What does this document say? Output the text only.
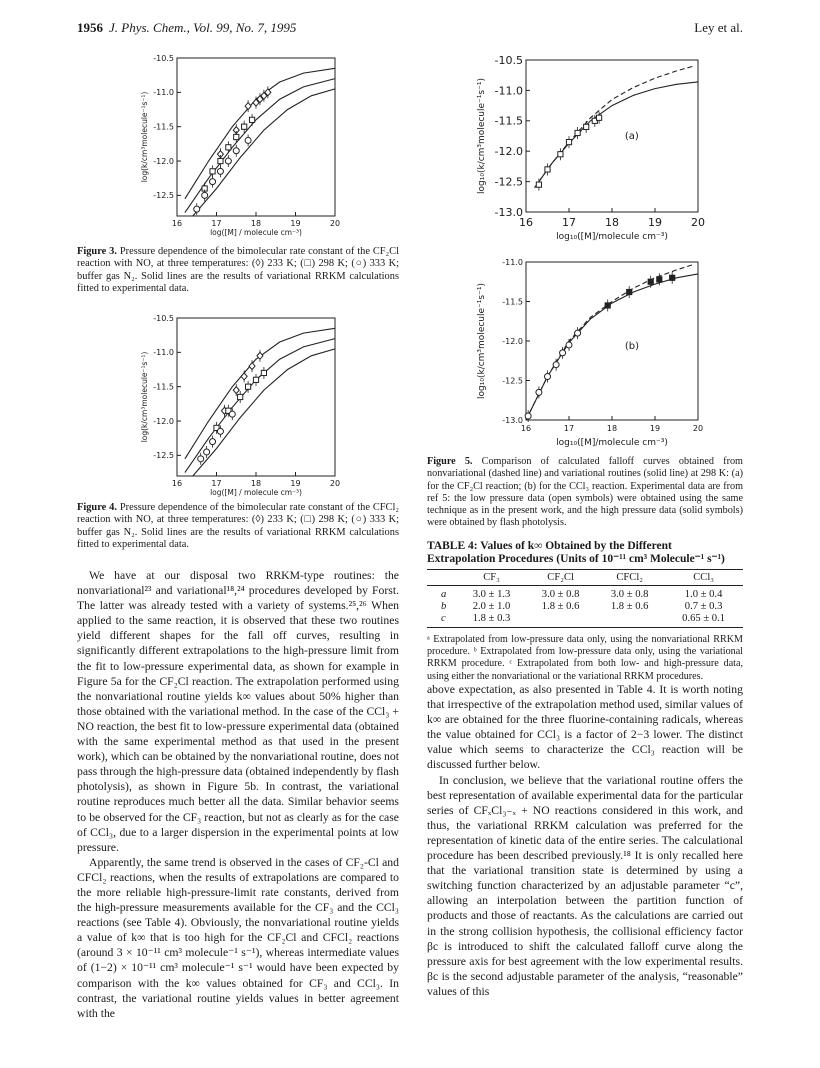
1956 J. Phys. Chem., Vol. 99, No. 7, 1995	Ley et al.
16	17	18	19	20
-10.5
-11.0
-11.5
-12.0
-12.5
log([M] / molecule cm⁻³)
log(k/cm³molecule⁻¹s⁻¹)
Figure 3. Pressure dependence of the bimolecular rate constant of the CF₂Cl reaction with NO, at three temperatures: (◊) 233 K; (□) 298 K; (○) 333 K; buffer gas N₂. Solid lines are the results of variational RRKM calculations fitted to experimental data.
16	17	18	19	20
-10.5
-11.0
-11.5
-12.0
-12.5
log([M] / molecule cm⁻³)
log(k/cm³molecule⁻¹s⁻¹)
Figure 4. Pressure dependence of the bimolecular rate constant of the CFCl₂ reaction with NO, at three temperatures: (◊) 233 K; (□) 298 K; (○) 333 K; buffer gas N₂. Solid lines are the results of variational RRKM calculations fitted to experimental data.

We have at our disposal two RRKM-type routines: the nonvariational²³ and variational¹⁸,²⁴ procedures developed by Forst. The latter was already tested with a variety of systems.²⁵,²⁶ When applied to the same reaction, it is observed that these two routines yield different shapes for the fall off curves, resulting in significantly different extrapolations to the high-pressure limit from the fit to low-pressure experimental data, as shown for example in Figure 5a for the CF₂Cl reaction. The extrapolation performed using the nonvariational routine yields k∞ values about 50% higher than those obtained with the variational method. In the case of the CCl₃ + NO reaction, the best fit to low-pressure experimental data (obtained with the same experimental method as that used in the present work), which can be obtained by the nonvariational routine, does not pass through the high-pressure data (obtained independently by flash photolysis), as shown in Figure 5b. In contrast, the variational routine reproduces much better all the data. Similar behavior seems to be observed for the CF₃ reaction, but not as clearly as for the case of CCl₃, due to a larger dispersion in the experimental points at low pressure.

Apparently, the same trend is observed in the cases of CF₂-Cl and CFCl₂ reactions, when the results of extrapolations are compared to the more reliable high-pressure-limit rate constants, derived from the high-pressure measurements available for the CF₃ and the CCl₃ reactions (see Table 4). Obviously, the nonvariational routine yields a value of k∞ that is too high for the CF₂Cl and CFCl₂ reactions (around 3 × 10⁻¹¹ cm³ molecule⁻¹ s⁻¹), whereas intermediate values of (1−2) × 10⁻¹¹ cm³ molecule⁻¹ s⁻¹ would have been expected by comparison with the k∞ values obtained for CF₃ and CCl₃. In contrast, the variational routine yields values in better agreement with the

16	17	18	19	20
-10.5
-11.0
-11.5
-12.0
-12.5
-13.0
log₁₀([M]/molecule cm⁻³)
log₁₀(k/cm³molecule⁻¹s⁻¹)	(a)
16	17	18	19	20
-11.0
-11.5
-12.0
-12.5
-13.0
log₁₀([M]/molecule cm⁻³)
log₁₀(k/cm³molecule⁻¹s⁻¹)	(b)
Figure 5. Comparison of calculated falloff curves obtained from nonvariational (dashed line) and variational routines (solid line) at 298 K: (a) for the CF₂Cl reaction; (b) for the CCl₃ reaction. Experimental data are from ref 5: the low pressure data (open symbols) were obtained using the same technique as in the present work, and the high pressure data (solid symbols) were obtained by flash photolysis.
TABLE 4: Values of k∞ Obtained by the Different Extrapolation Procedures (Units of 10⁻¹¹ cm³ Molecule⁻¹ s⁻¹)
	CF₃	CF₂Cl	CFCl₂	CCl₃
a	3.0 ± 1.3	3.0 ± 0.8	3.0 ± 0.8	1.0 ± 0.4
b	2.0 ± 1.0	1.8 ± 0.6	1.8 ± 0.6	0.7 ± 0.3
c	1.8 ± 0.3			0.65 ± 0.1
ᵃ Extrapolated from low-pressure data only, using the nonvariational RRKM procedure. ᵇ Extrapolated from low-pressure data only, using the variational RRKM procedure. ᶜ Extrapolated from both low- and high-pressure data, using either the nonvariational or the variational RRKM procedures.

above expectation, as also presented in Table 4. It is worth noting that irrespective of the extrapolation method used, similar values of k∞ are obtained for the three fluorine-containing radicals, whereas the value obtained for CCl₃ is a factor of 2−3 lower. The distinct value which seems to characterize the CCl₃ reaction will be discussed further below.

In conclusion, we believe that the variational routine offers the best representation of available experimental data for the particular series of CFₓCl₃₋ₓ + NO reactions considered in this work, and thus, the variational RRKM calculation was preferred for the representation of kinetic data of the entire series. The calculational procedure has been described previously.¹⁸ It is only recalled here that the variational transition state is determined by using a switching function characterized by an adjustable parameter “c”, allowing an interpolation between the partition function of products and those of reactants. As the calculations are carried out in the strong collision hypothesis, the collisional efficiency factor βc is introduced to shift the calculated falloff curve along the pressure axis for best agreement with the low experimental results. βc is the second adjustable parameter of the analysis, “reasonable” values of this
